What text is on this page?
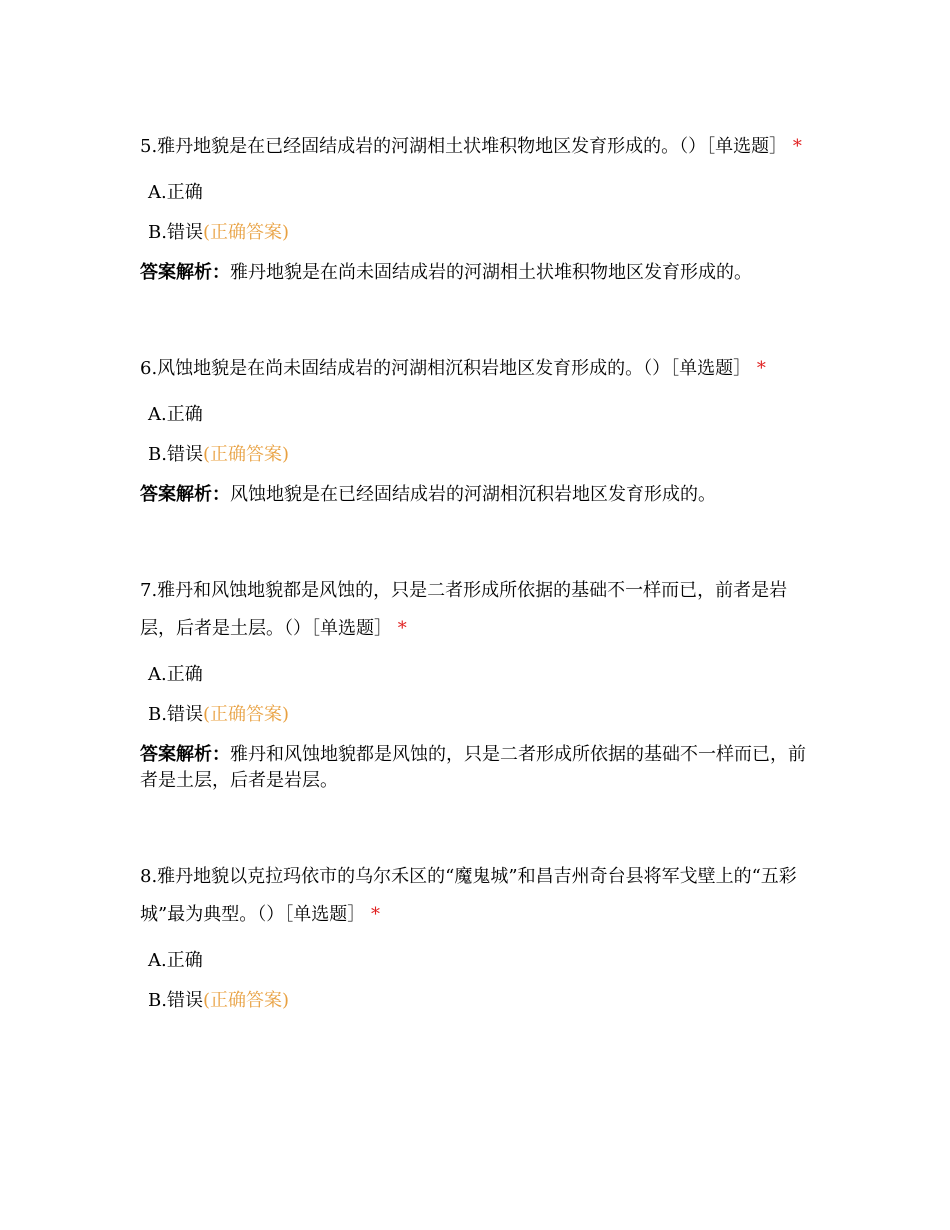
5.雅丹地貌是在已经固结成岩的河湖相土状堆积物地区发育形成的。（）［单选题］ *

A.正确
B.错误(正确答案)
答案解析：雅丹地貌是在尚未固结成岩的河湖相土状堆积物地区发育形成的。

6.风蚀地貌是在尚未固结成岩的河湖相沉积岩地区发育形成的。（）［单选题］ *

A.正确
B.错误(正确答案)
答案解析：风蚀地貌是在已经固结成岩的河湖相沉积岩地区发育形成的。

7.雅丹和风蚀地貌都是风蚀的，只是二者形成所依据的基础不一样而已，前者是岩层，后者是土层。（）［单选题］ *

A.正确
B.错误(正确答案)
答案解析：雅丹和风蚀地貌都是风蚀的，只是二者形成所依据的基础不一样而已，前者是土层，后者是岩层。

8.雅丹地貌以克拉玛依市的乌尔禾区的“魔鬼城”和昌吉州奇台县将军戈壁上的“五彩城”最为典型。（）［单选题］ *

A.正确
B.错误(正确答案)
